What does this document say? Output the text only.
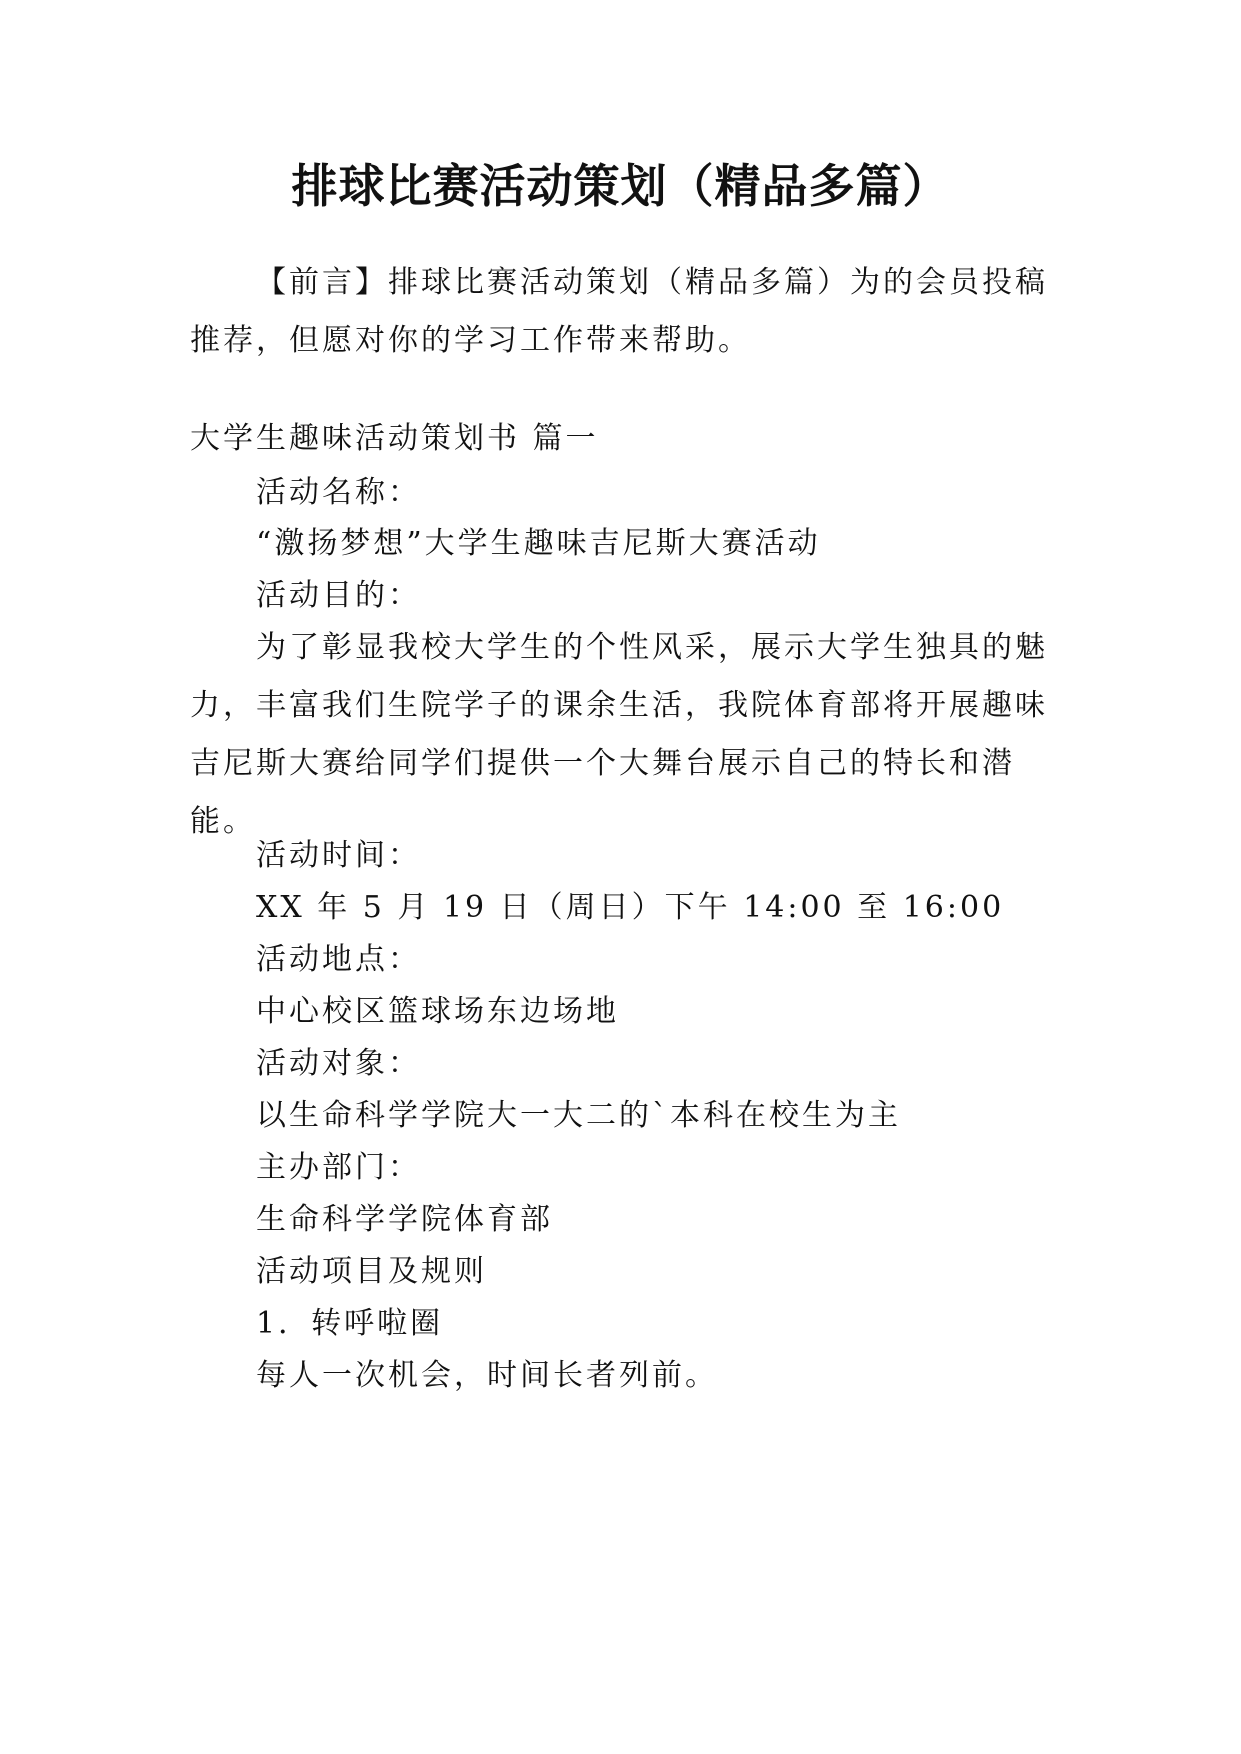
排球比赛活动策划（精品多篇）

【前言】排球比赛活动策划（精品多篇）为的会员投稿推荐，但愿对你的学习工作带来帮助。

大学生趣味活动策划书 篇一

活动名称：

“激扬梦想”大学生趣味吉尼斯大赛活动

活动目的：

为了彰显我校大学生的个性风采，展示大学生独具的魅力，丰富我们生院学子的课余生活，我院体育部将开展趣味吉尼斯大赛给同学们提供一个大舞台展示自己的特长和潜能。

活动时间：

XX 年 5 月 19 日（周日）下午 14:00 至 16:00

活动地点：

中心校区篮球场东边场地

活动对象：

以生命科学学院大一大二的`本科在校生为主

主办部门：

生命科学学院体育部

活动项目及规则

1．转呼啦圈

每人一次机会，时间长者列前。
